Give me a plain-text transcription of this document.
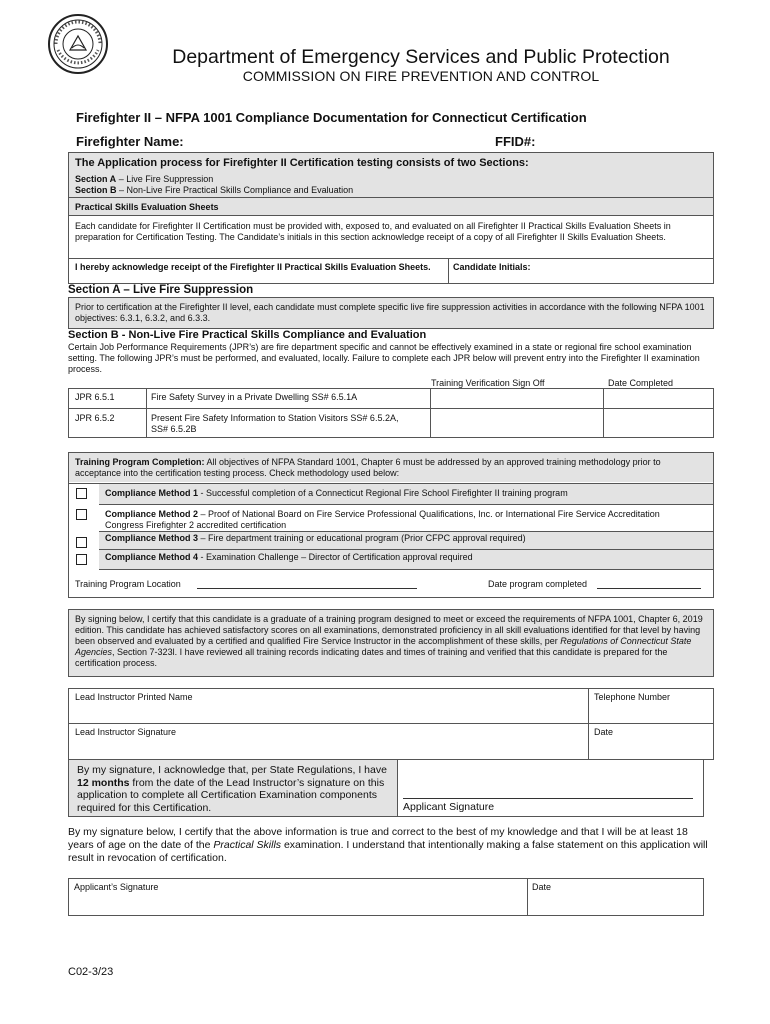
Department of Emergency Services and Public Protection
COMMISSION ON FIRE PREVENTION AND CONTROL
Firefighter II – NFPA 1001 Compliance Documentation for Connecticut Certification
Firefighter Name:	FFID#:
The Application process for Firefighter II Certification testing consists of two Sections:
Section A – Live Fire Suppression
Section B – Non-Live Fire Practical Skills Compliance and Evaluation
Practical Skills Evaluation Sheets
Each candidate for Firefighter II Certification must be provided with, exposed to, and evaluated on all Firefighter II Practical Skills Evaluation Sheets in preparation for Certification Testing. The Candidate’s initials in this section acknowledge receipt of a copy of all Firefighter II Skills Evaluation Sheets.
I hereby acknowledge receipt of the Firefighter II Practical Skills Evaluation Sheets.	Candidate Initials:
Section A – Live Fire Suppression
Prior to certification at the Firefighter II level, each candidate must complete specific live fire suppression activities in accordance with the following NFPA 1001 objectives: 6.3.1, 6.3.2, and 6.3.3.
Section B - Non-Live Fire Practical Skills Compliance and Evaluation
Certain Job Performance Requirements (JPR’s) are fire department specific and cannot be effectively examined in a state or regional fire school examination setting. The following JPR’s must be performed, and evaluated, locally. Failure to complete each JPR below will prevent entry into the Firefighter II examination process.
Training Verification Sign Off	Date Completed
JPR 6.5.1	Fire Safety Survey in a Private Dwelling SS# 6.5.1A
JPR 6.5.2	Present Fire Safety Information to Station Visitors SS# 6.5.2A, SS# 6.5.2B
Training Program Completion: All objectives of NFPA Standard 1001, Chapter 6 must be addressed by an approved training methodology prior to acceptance into the certification testing process. Check methodology used below:
Compliance Method 1 - Successful completion of a Connecticut Regional Fire School Firefighter II training program
Compliance Method 2 – Proof of National Board on Fire Service Professional Qualifications, Inc. or International Fire Service Accreditation Congress Firefighter 2 accredited certification
Compliance Method 3 – Fire department training or educational program (Prior CFPC approval required)
Compliance Method 4 - Examination Challenge – Director of Certification approval required
Training Program Location	Date program completed
By signing below, I certify that this candidate is a graduate of a training program designed to meet or exceed the requirements of NFPA 1001, Chapter 6, 2019 edition. This candidate has achieved satisfactory scores on all examinations, demonstrated proficiency in all skill evaluations identified for that level by having been observed and evaluated by a certified and qualified Fire Service Instructor in the accomplishment of these skills, per Regulations of Connecticut State Agencies, Section 7-323l. I have reviewed all training records indicating dates and times of training and verified that this candidate is prepared for the certification process.
Lead Instructor Printed Name	Telephone Number
Lead Instructor Signature	Date
By my signature, I acknowledge that, per State Regulations, I have 12 months from the date of the Lead Instructor’s signature on this application to complete all Certification Examination components required for this Certification.	Applicant Signature
By my signature below, I certify that the above information is true and correct to the best of my knowledge and that I will be at least 18 years of age on the date of the Practical Skills examination. I understand that intentionally making a false statement on this application will result in revocation of certification.
Applicant’s Signature	Date
C02-3/23
